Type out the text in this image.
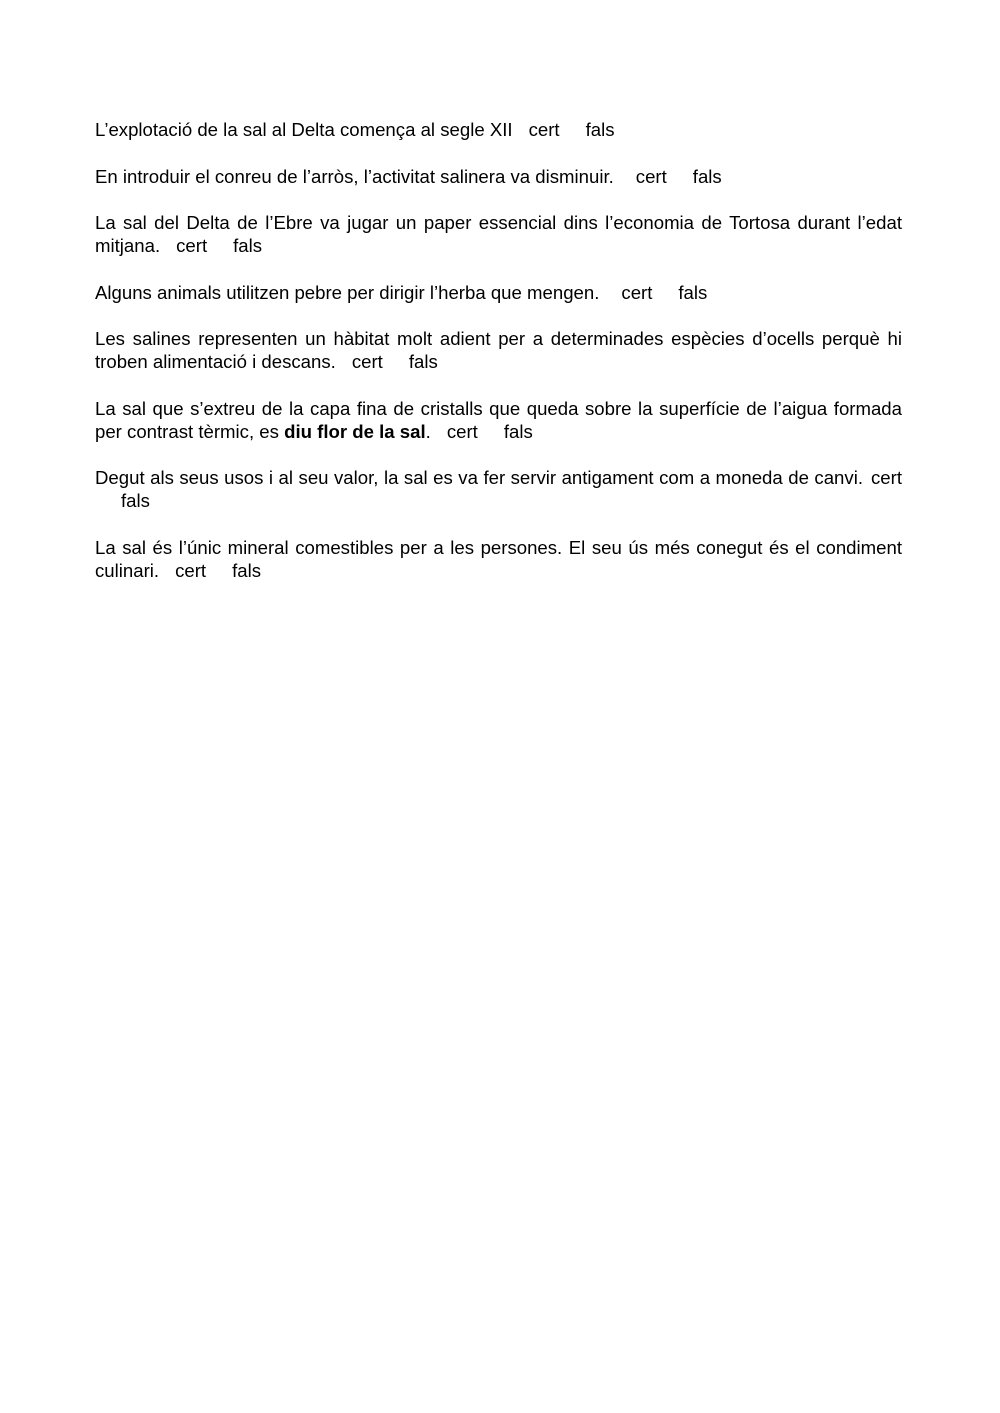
L’explotació de la sal al Delta comença al segle XII cert fals

En introduir el conreu de l’arròs, l’activitat salinera va disminuir. cert fals

La sal del Delta de l’Ebre va jugar un paper essencial dins l’economia de Tortosa durant l’edat mitjana. cert fals

Alguns animals utilitzen pebre per dirigir l’herba que mengen. cert fals

Les salines representen un hàbitat molt adient per a determinades espècies d’ocells perquè hi troben alimentació i descans. cert fals

La sal que s’extreu de la capa fina de cristalls que queda sobre la superfície de l’aigua formada per contrast tèrmic, es diu flor de la sal. cert fals

Degut als seus usos i al seu valor, la sal es va fer servir antigament com a moneda de canvi. certfals

La sal és l’únic mineral comestibles per a les persones. El seu ús més conegut és el condiment culinari. cert fals
